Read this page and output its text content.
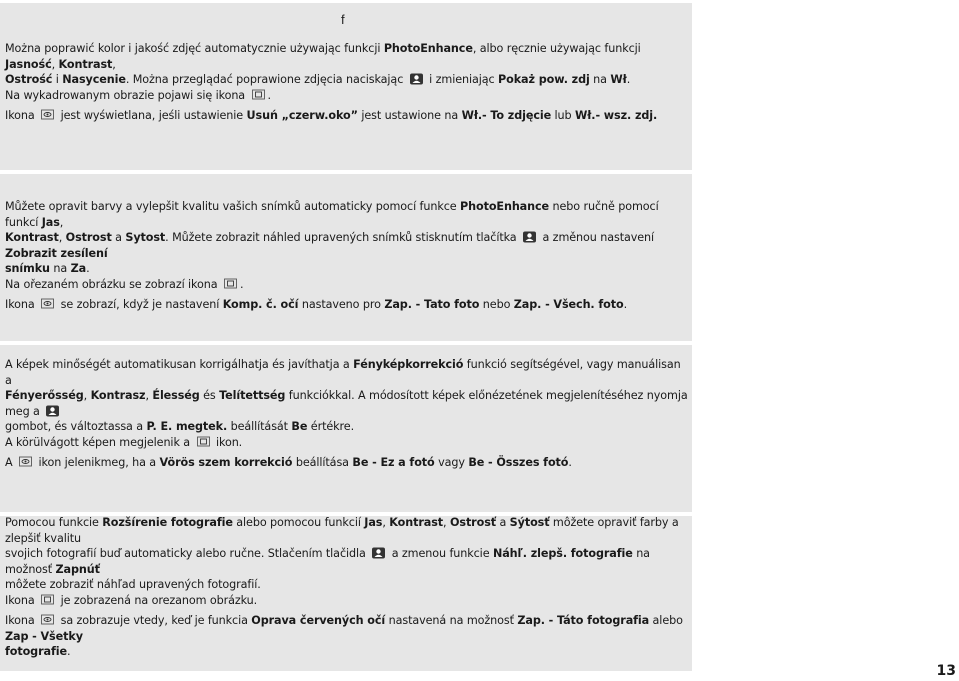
f

Można poprawić kolor i jakość zdjęć automatycznie używając funkcji PhotoEnhance, albo ręcznie używając funkcji Jasność, Kontrast,

Ostrość i Nasycenie. Można przeglądać poprawione zdjęcia naciskając
i zmieniając Pokaż pow. zdj na Wł.

Na wykadrowanym obrazie pojawi się ikona
.

Ikona
jest wyświetlana, jeśli ustawienie Usuń „czerw.oko” jest ustawione na Wł.- To zdjęcie lub Wł.- wsz. zdj.

Můžete opravit barvy a vylepšit kvalitu vašich snímků automaticky pomocí funkce PhotoEnhance nebo ručně pomocí funkcí Jas,

Kontrast, Ostrost a Sytost. Můžete zobrazit náhled upravených snímků stisknutím tlačítka
a změnou nastavení Zobrazit zesílení

snímku na Za.

Na ořezaném obrázku se zobrazí ikona
.

Ikona
se zobrazí, když je nastavení Komp. č. očí nastaveno pro Zap. - Tato foto nebo Zap. - Všech. foto.

A képek minőségét automatikusan korrigálhatja és javíthatja a Fényképkorrekció funkció segítségével, vagy manuálisan a

Fényerősség, Kontrasz, Élesség és Telítettség funkciókkal. A módosított képek előnézetének megjelenítéséhez nyomja meg a

gombot, és változtassa a P. E. megtek. beállítását Be értékre.

A körülvágott képen megjelenik a
ikon.

A
ikon jelenikmeg, ha a Vörös szem korrekció beállítása Be - Ez a fotó vagy Be - Összes fotó.

Pomocou funkcie Rozšírenie fotografie alebo pomocou funkcií Jas, Kontrast, Ostrosť a Sýtosť môžete opraviť farby a zlepšiť kvalitu

svojich fotografií buď automaticky alebo ručne. Stlačením tlačidla
a zmenou funkcie Náhľ. zlepš. fotografie na možnosť Zapnúť

môžete zobraziť náhľad upravených fotografií.

Ikona
je zobrazená na orezanom obrázku.

Ikona
sa zobrazuje vtedy, keď je funkcia Oprava červených očí nastavená na možnosť Zap. - Táto fotografia alebo Zap - Všetky

fotografie.

13
